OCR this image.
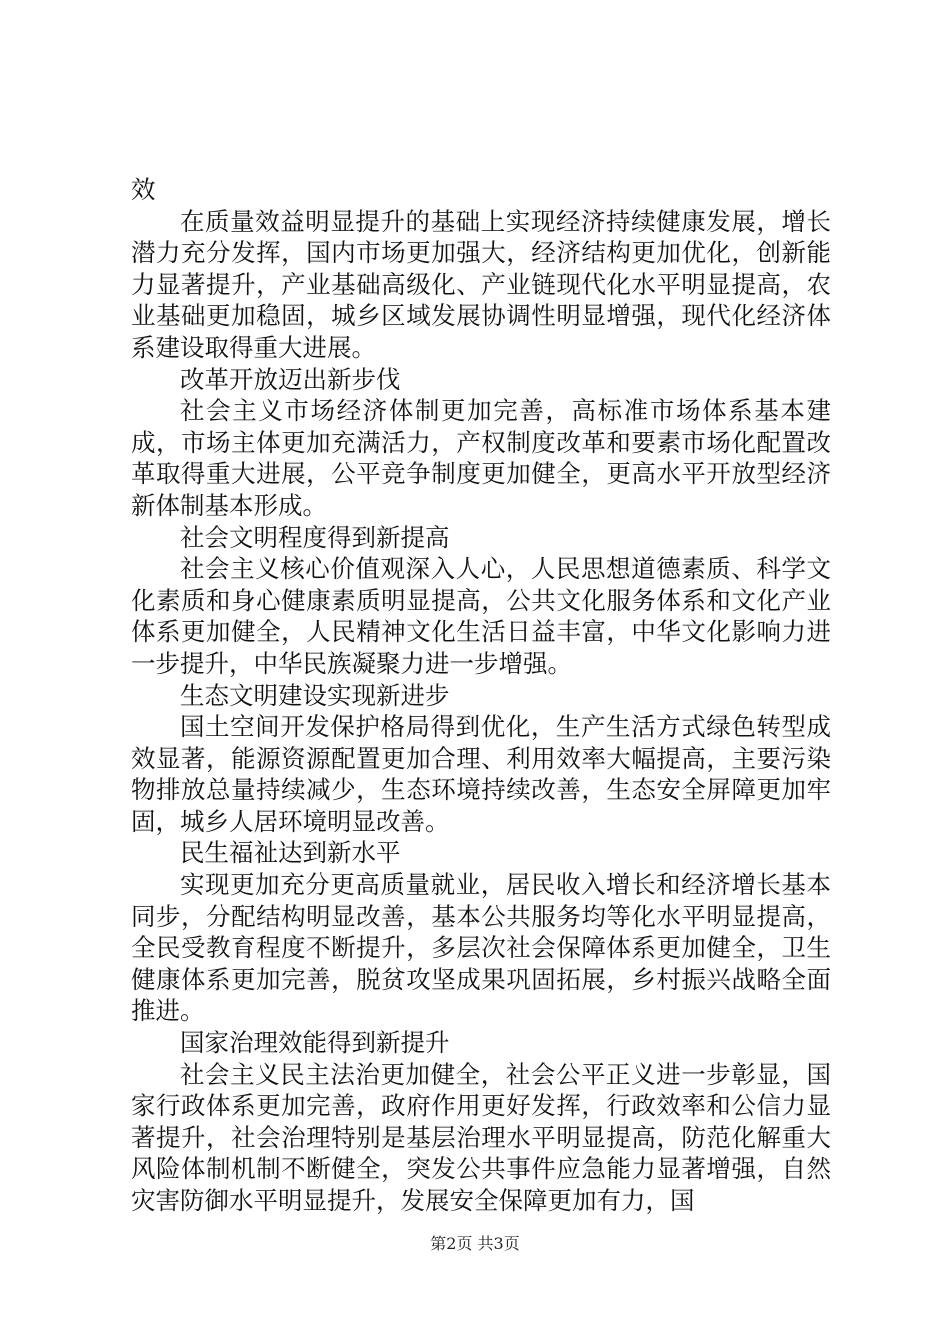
效

在质量效益明显提升的基础上实现经济持续健康发展，增长潜力充分发挥，国内市场更加强大，经济结构更加优化，创新能力显著提升，产业基础高级化、产业链现代化水平明显提高，农业基础更加稳固，城乡区域发展协调性明显增强，现代化经济体系建设取得重大进展。

改革开放迈出新步伐

社会主义市场经济体制更加完善，高标准市场体系基本建成，市场主体更加充满活力，产权制度改革和要素市场化配置改革取得重大进展，公平竞争制度更加健全，更高水平开放型经济新体制基本形成。

社会文明程度得到新提高

社会主义核心价值观深入人心，人民思想道德素质、科学文化素质和身心健康素质明显提高，公共文化服务体系和文化产业体系更加健全，人民精神文化生活日益丰富，中华文化影响力进一步提升，中华民族凝聚力进一步增强。

生态文明建设实现新进步

国土空间开发保护格局得到优化，生产生活方式绿色转型成效显著，能源资源配置更加合理、利用效率大幅提高，主要污染物排放总量持续减少，生态环境持续改善，生态安全屏障更加牢固，城乡人居环境明显改善。

民生福祉达到新水平

实现更加充分更高质量就业，居民收入增长和经济增长基本同步，分配结构明显改善，基本公共服务均等化水平明显提高，全民受教育程度不断提升，多层次社会保障体系更加健全，卫生健康体系更加完善，脱贫攻坚成果巩固拓展，乡村振兴战略全面推进。

国家治理效能得到新提升

社会主义民主法治更加健全，社会公平正义进一步彰显，国家行政体系更加完善，政府作用更好发挥，行政效率和公信力显著提升，社会治理特别是基层治理水平明显提高，防范化解重大风险体制机制不断健全，突发公共事件应急能力显著增强，自然灾害防御水平明显提升，发展安全保障更加有力，国

第2页 共3页
